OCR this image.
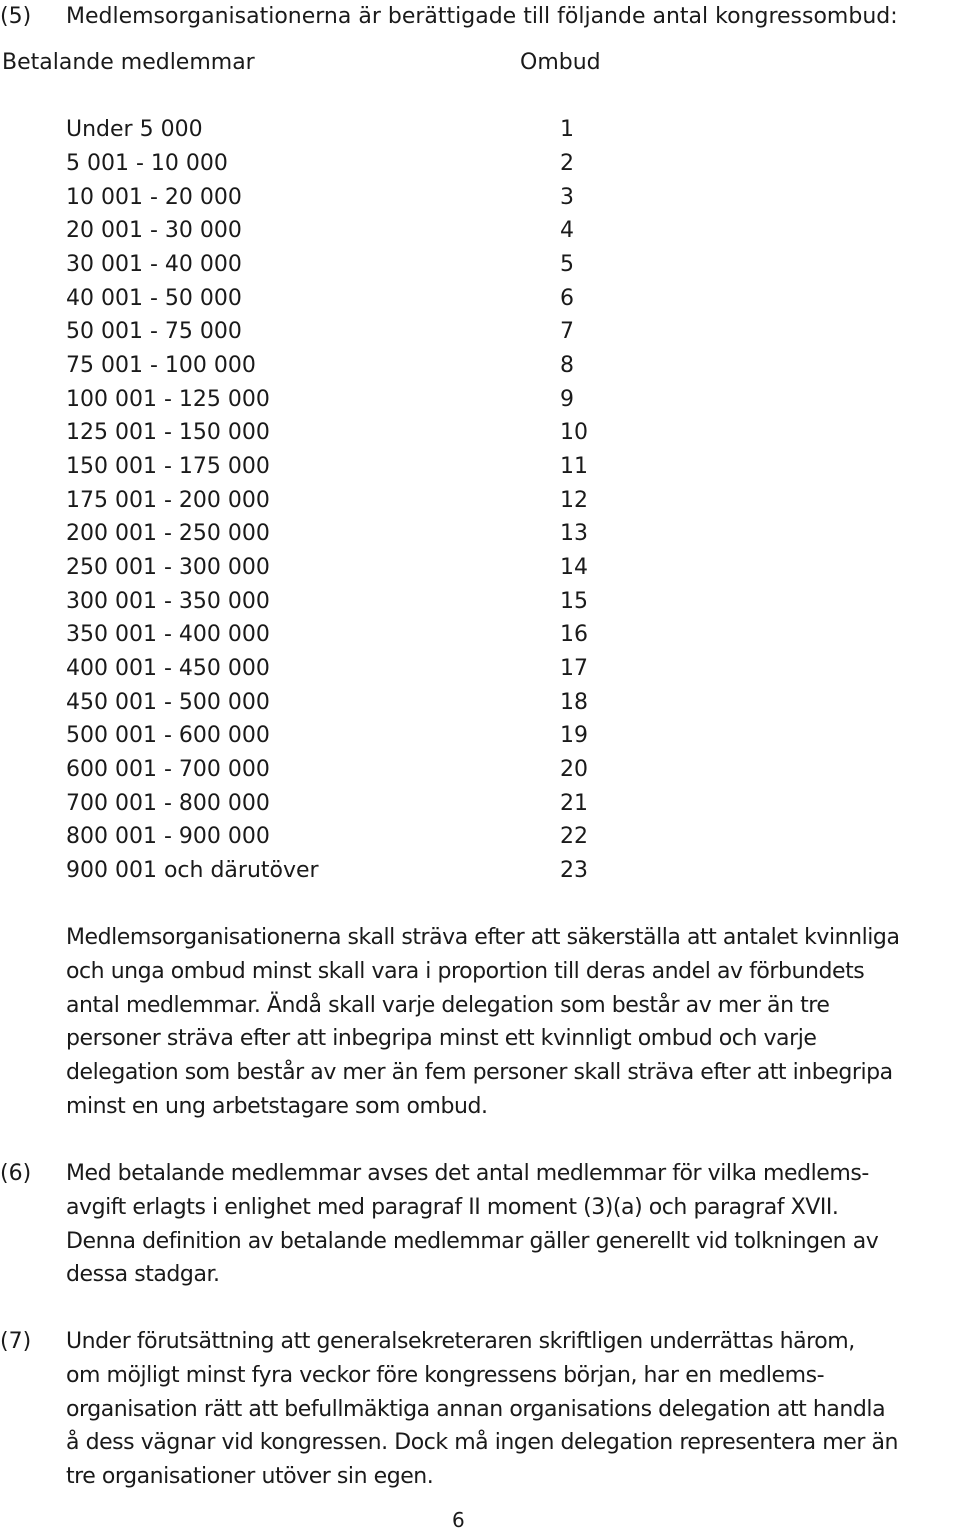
(5) Medlemsorganisationerna är berättigade till följande antal kongressombud:
Betalande medlemmar	Ombud
Under 5 000	1
5 001 - 10 000	2
10 001 - 20 000	3
20 001 - 30 000	4
30 001 - 40 000	5
40 001 - 50 000	6
50 001 - 75 000	7
75 001 - 100 000	8
100 001 - 125 000	9
125 001 - 150 000	10
150 001 - 175 000	11
175 001 - 200 000	12
200 001 - 250 000	13
250 001 - 300 000	14
300 001 - 350 000	15
350 001 - 400 000	16
400 001 - 450 000	17
450 001 - 500 000	18
500 001 - 600 000	19
600 001 - 700 000	20
700 001 - 800 000	21
800 001 - 900 000	22
900 001 och därutöver	23

Medlemsorganisationerna skall sträva efter att säkerställa att antalet kvinnliga

och unga ombud minst skall vara i proportion till deras andel av förbundets

antal medlemmar. Ändå skall varje delegation som består av mer än tre

personer sträva efter att inbegripa minst ett kvinnligt ombud och varje

delegation som består av mer än fem personer skall sträva efter att inbegripa

minst en ung arbetstagare som ombud.

(6) Med betalande medlemmar avses det antal medlemmar för vilka medlems-

avgift erlagts i enlighet med paragraf II moment (3)(a) och paragraf XVII.

Denna definition av betalande medlemmar gäller generellt vid tolkningen av

dessa stadgar.

(7) Under förutsättning att generalsekreteraren skriftligen underrättas härom,

om möjligt minst fyra veckor före kongressens början, har en medlems-

organisation rätt att befullmäktiga annan organisations delegation att handla

å dess vägnar vid kongressen. Dock må ingen delegation representera mer än

tre organisationer utöver sin egen.

6
